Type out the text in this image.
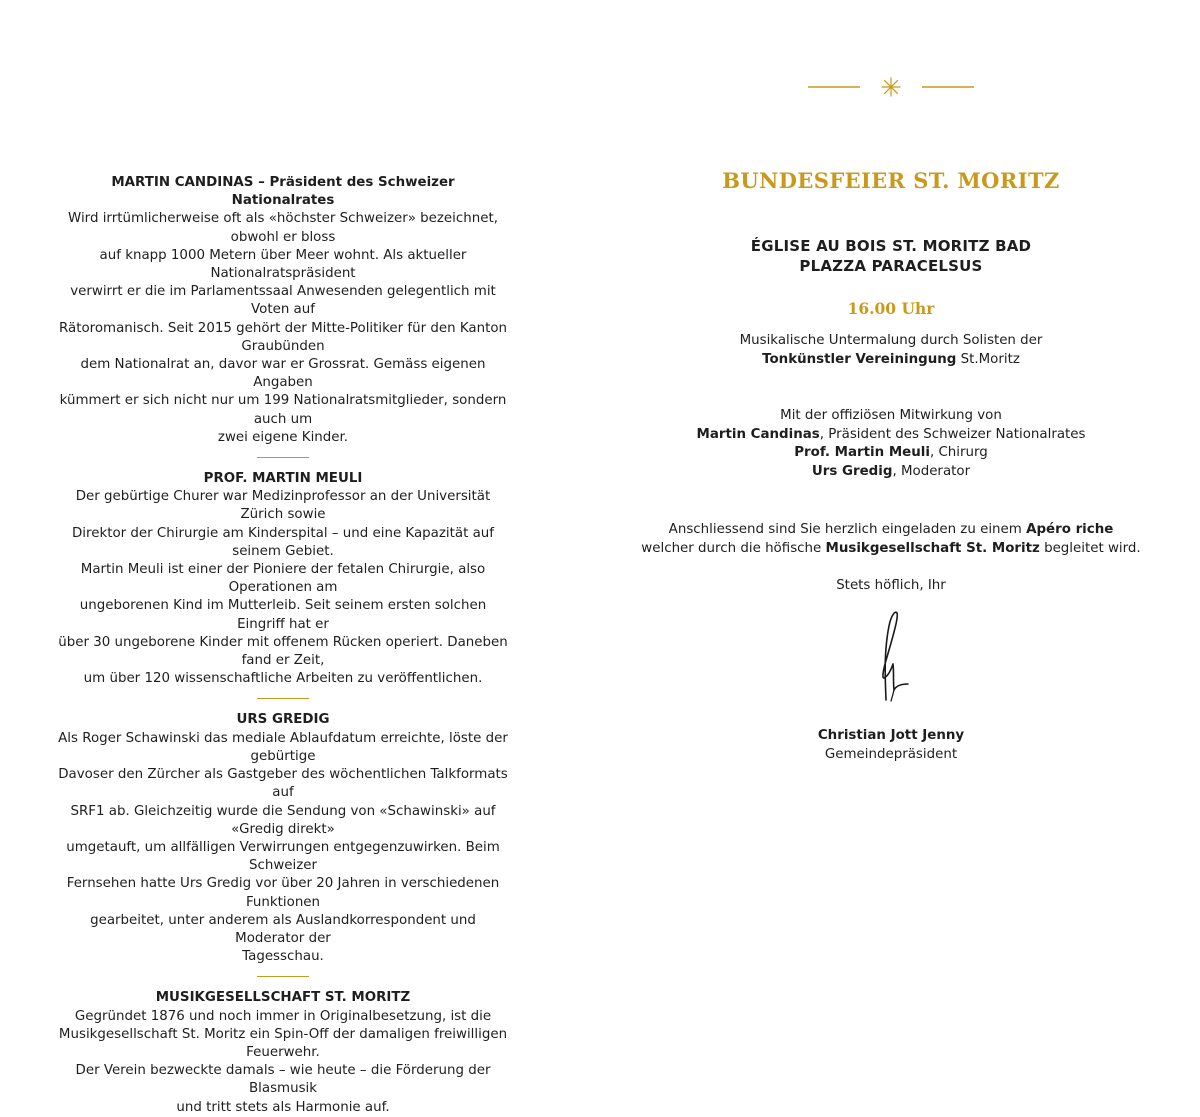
MARTIN CANDINAS – Präsident des Schweizer Nationalrates

Wird irrtümlicherweise oft als «höchster Schweizer» bezeichnet, obwohl er bloss
auf knapp 1000 Metern über Meer wohnt. Als aktueller Nationalratspräsident
verwirrt er die im Parlamentssaal Anwesenden gelegentlich mit Voten auf
Rätoromanisch. Seit 2015 gehört der Mitte-Politiker für den Kanton Graubünden
dem Nationalrat an, davor war er Grossrat. Gemäss eigenen Angaben
kümmert er sich nicht nur um 199 Nationalratsmitglieder, sondern auch um
zwei eigene Kinder.

PROF. MARTIN MEULI

Der gebürtige Churer war Medizinprofessor an der Universität Zürich sowie
Direktor der Chirurgie am Kinderspital – und eine Kapazität auf seinem Gebiet.
Martin Meuli ist einer der Pioniere der fetalen Chirurgie, also Operationen am
ungeborenen Kind im Mutterleib. Seit seinem ersten solchen Eingriff hat er
über 30 ungeborene Kinder mit offenem Rücken operiert. Daneben fand er Zeit,
um über 120 wissenschaftliche Arbeiten zu veröffentlichen.

URS GREDIG

Als Roger Schawinski das mediale Ablaufdatum erreichte, löste der gebürtige
Davoser den Zürcher als Gastgeber des wöchentlichen Talkformats auf
SRF1 ab. Gleichzeitig wurde die Sendung von «Schawinski» auf «Gredig direkt»
umgetauft, um allfälligen Verwirrungen entgegenzuwirken. Beim Schweizer
Fernsehen hatte Urs Gredig vor über 20 Jahren in verschiedenen Funktionen
gearbeitet, unter anderem als Auslandkorrespondent und Moderator der
Tagesschau.

MUSIKGESELLSCHAFT ST. MORITZ

Gegründet 1876 und noch immer in Originalbesetzung, ist die
Musikgesellschaft St. Moritz ein Spin-Off der damaligen freiwilligen Feuerwehr.
Der Verein bezweckte damals – wie heute – die Förderung der Blasmusik
und tritt stets als Harmonie auf.

BUNDESFEIER ST. MORITZ
ÉGLISE AU BOIS ST. MORITZ BAD
PLAZZA PARACELSUS
16.00 Uhr
Musikalische Untermalung durch Solisten der
Tonkünstler Vereiningung St.Moritz
Mit der offiziösen Mitwirkung von
Martin Candinas, Präsident des Schweizer Nationalrates
Prof. Martin Meuli, Chirurg
Urs Gredig, Moderator
Anschliessend sind Sie herzlich eingeladen zu einem Apéro riche
welcher durch die höfische Musikgesellschaft St. Moritz begleitet wird.
Stets höflich, Ihr
Christian Jott Jenny
Gemeindepräsident
